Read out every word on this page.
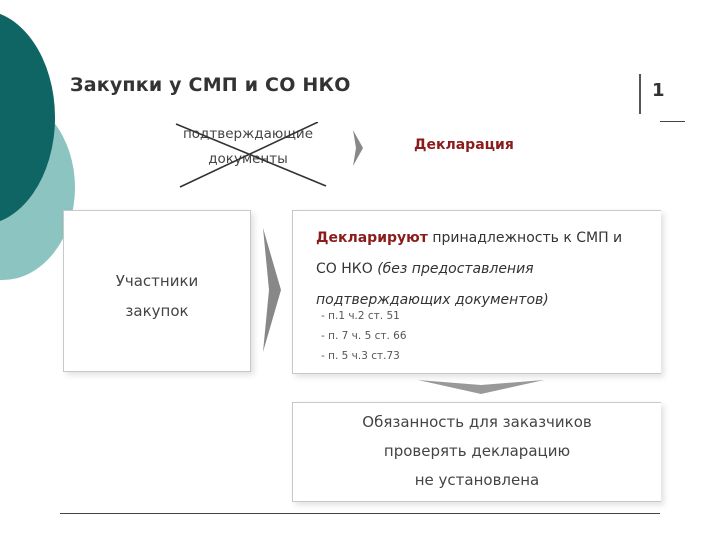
Закупки у СМП и СО НКО	1
подтверждающие
документы
Декларация
Участники
закупок
Декларируют принадлежность к СМП и СО НКО (без предоставления подтверждающих документов)
- п.1 ч.2 ст. 51
- п. 7 ч. 5 ст. 66
- п. 5 ч.3 ст.73
Обязанность для заказчиков
проверять декларацию
не установлена
